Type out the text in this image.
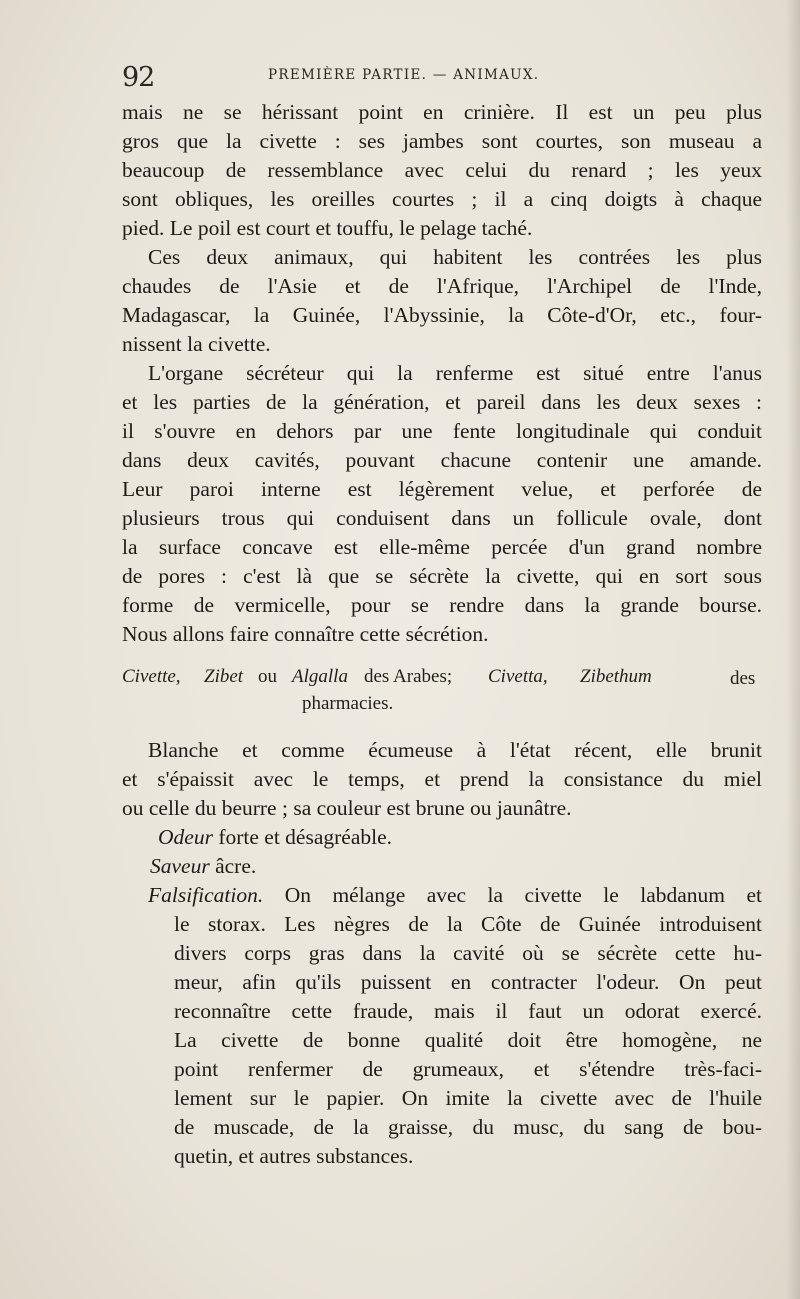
92	PREMIÈRE PARTIE. — ANIMAUX.
mais ne se hérissant point en crinière. Il est un peu plus
gros que la civette : ses jambes sont courtes, son museau a
beaucoup de ressemblance avec celui du renard ; les yeux
sont obliques, les oreilles courtes ; il a cinq doigts à chaque
pied. Le poil est court et touffu, le pelage taché.
Ces deux animaux, qui habitent les contrées les plus
chaudes de l'Asie et de l'Afrique, l'Archipel de l'Inde,
Madagascar, la Guinée, l'Abyssinie, la Côte-d'Or, etc., four-
nissent la civette.
L'organe sécréteur qui la renferme est situé entre l'anus
et les parties de la génération, et pareil dans les deux sexes :
il s'ouvre en dehors par une fente longitudinale qui conduit
dans deux cavités, pouvant chacune contenir une amande.
Leur paroi interne est légèrement velue, et perforée de
plusieurs trous qui conduisent dans un follicule ovale, dont
la surface concave est elle-même percée d'un grand nombre
de pores : c'est là que se sécrète la civette, qui en sort sous
forme de vermicelle, pour se rendre dans la grande bourse.
Nous allons faire connaître cette sécrétion.
Civette, Zibet ou Algalla des Arabes; Civetta, Zibethum	des
pharmacies.
Blanche et comme écumeuse à l'état récent, elle brunit
et s'épaissit avec le temps, et prend la consistance du miel
ou celle du beurre ; sa couleur est brune ou jaunâtre.
Odeur forte et désagréable.
Saveur âcre.
Falsification. On mélange avec la civette le labdanum et
le storax. Les nègres de la Côte de Guinée introduisent
divers corps gras dans la cavité où se sécrète cette hu-
meur, afin qu'ils puissent en contracter l'odeur. On peut
reconnaître cette fraude, mais il faut un odorat exercé.
La civette de bonne qualité doit être homogène, ne
point renfermer de grumeaux, et s'étendre très-faci-
lement sur le papier. On imite la civette avec de l'huile
de muscade, de la graisse, du musc, du sang de bou-
quetin, et autres substances.
